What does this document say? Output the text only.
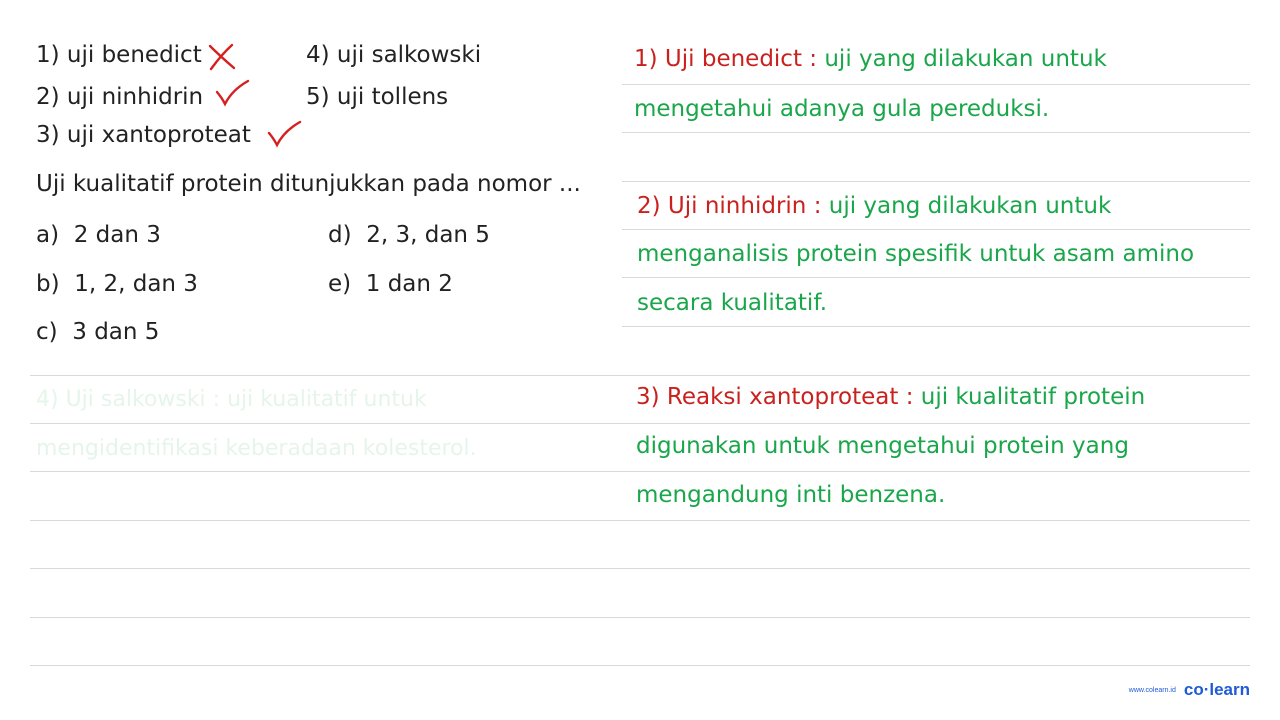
1) uji benedict
2) uji ninhidrin
3) uji xantoproteat
4) uji salkowski
5) uji tollens
Uji kualitatif protein ditunjukkan pada nomor ...
a) 2 dan 3
b) 1, 2, dan 3
c) 3 dan 5
d) 2, 3, dan 5
e) 1 dan 2
1) Uji benedict : uji yang dilakukan untuk
mengetahui adanya gula pereduksi.
2) Uji ninhidrin : uji yang dilakukan untuk
menganalisis protein spesifik untuk asam amino
secara kualitatif.
3) Reaksi xantoproteat : uji kualitatif protein
digunakan untuk mengetahui protein yang
mengandung inti benzena.
4) Uji salkowski : uji kualitatif untuk
mengidentifikasi keberadaan kolesterol.
www.colearn.id co·learn
